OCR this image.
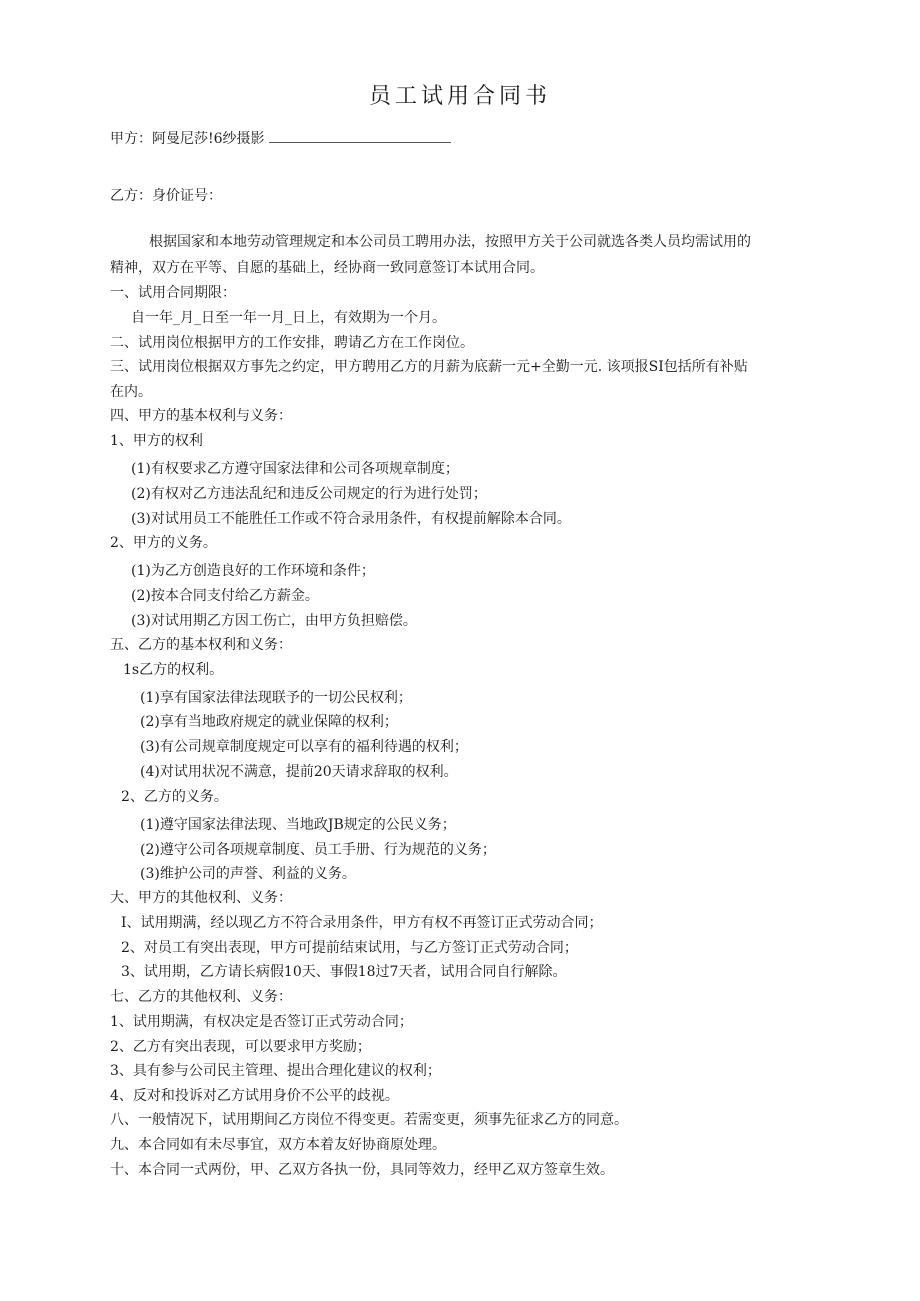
员工试用合同书
甲方：阿曼尼莎!6纱摄影
乙方：身价证号：
根据国家和本地劳动管理规定和本公司员工聘用办法，按照甲方关于公司就选各类人员均需试用的
精神，双方在平等、自愿的基础上，经协商一致同意签订本试用合同。
一、试用合同期限：
自一年_月_日至一年一月_日上，有效期为一个月。
二、试用岗位根据甲方的工作安排，聘请乙方在工作岗位。
三、试用岗位根据双方事先之约定，甲方聘用乙方的月薪为底薪一元+全勤一元. 该项报SI包括所有补贴
在内。
四、甲方的基本权利与义务：
1、甲方的权利
(1)有权要求乙方遵守国家法律和公司各项规章制度；
(2)有权对乙方违法乱纪和违反公司规定的行为进行处罚；
(3)对试用员工不能胜任工作或不符合录用条件，有权提前解除本合同。
2、甲方的义务。
(1)为乙方创造良好的工作环境和条件；
(2)按本合同支付给乙方薪金。
(3)对试用期乙方因工伤亡，由甲方负担赔偿。
五、乙方的基本权利和义务：
1s乙方的权利。
(1)享有国家法律法现联予的一切公民权利；
(2)享有当地政府规定的就业保障的权利；
(3)有公司规章制度规定可以享有的福利待遇的权利；
(4)对试用状况不满意，提前20天请求辞取的权利。
2、乙方的义务。
(1)遵守国家法律法现、当地政JB规定的公民义务；
(2)遵守公司各项规章制度、员工手册、行为规范的义务；
(3)维护公司的声誉、利益的义务。
大、甲方的其他权利、义务：
I、试用期满，经以现乙方不符合录用条件，甲方有权不再签订正式劳动合同；
2、对员工有突出表现，甲方可提前结束试用，与乙方签订正式劳动合同；
3、试用期，乙方请长病假10天、事假18过7天者，试用合同自行解除。
七、乙方的其他权利、义务：
1、试用期满，有权决定是否签订正式劳动合同；
2、乙方有突出表现，可以要求甲方奖励；
3、具有参与公司民主管理、提出合理化建议的权利；
4、反对和投诉对乙方试用身价不公平的歧视。
八、一般情况下，试用期间乙方岗位不得变更。若需变更，须事先征求乙方的同意。
九、本合同如有未尽事宜，双方本着友好协商原处理。
十、本合同一式两份，甲、乙双方各执一份，具同等效力，经甲乙双方签章生效。
